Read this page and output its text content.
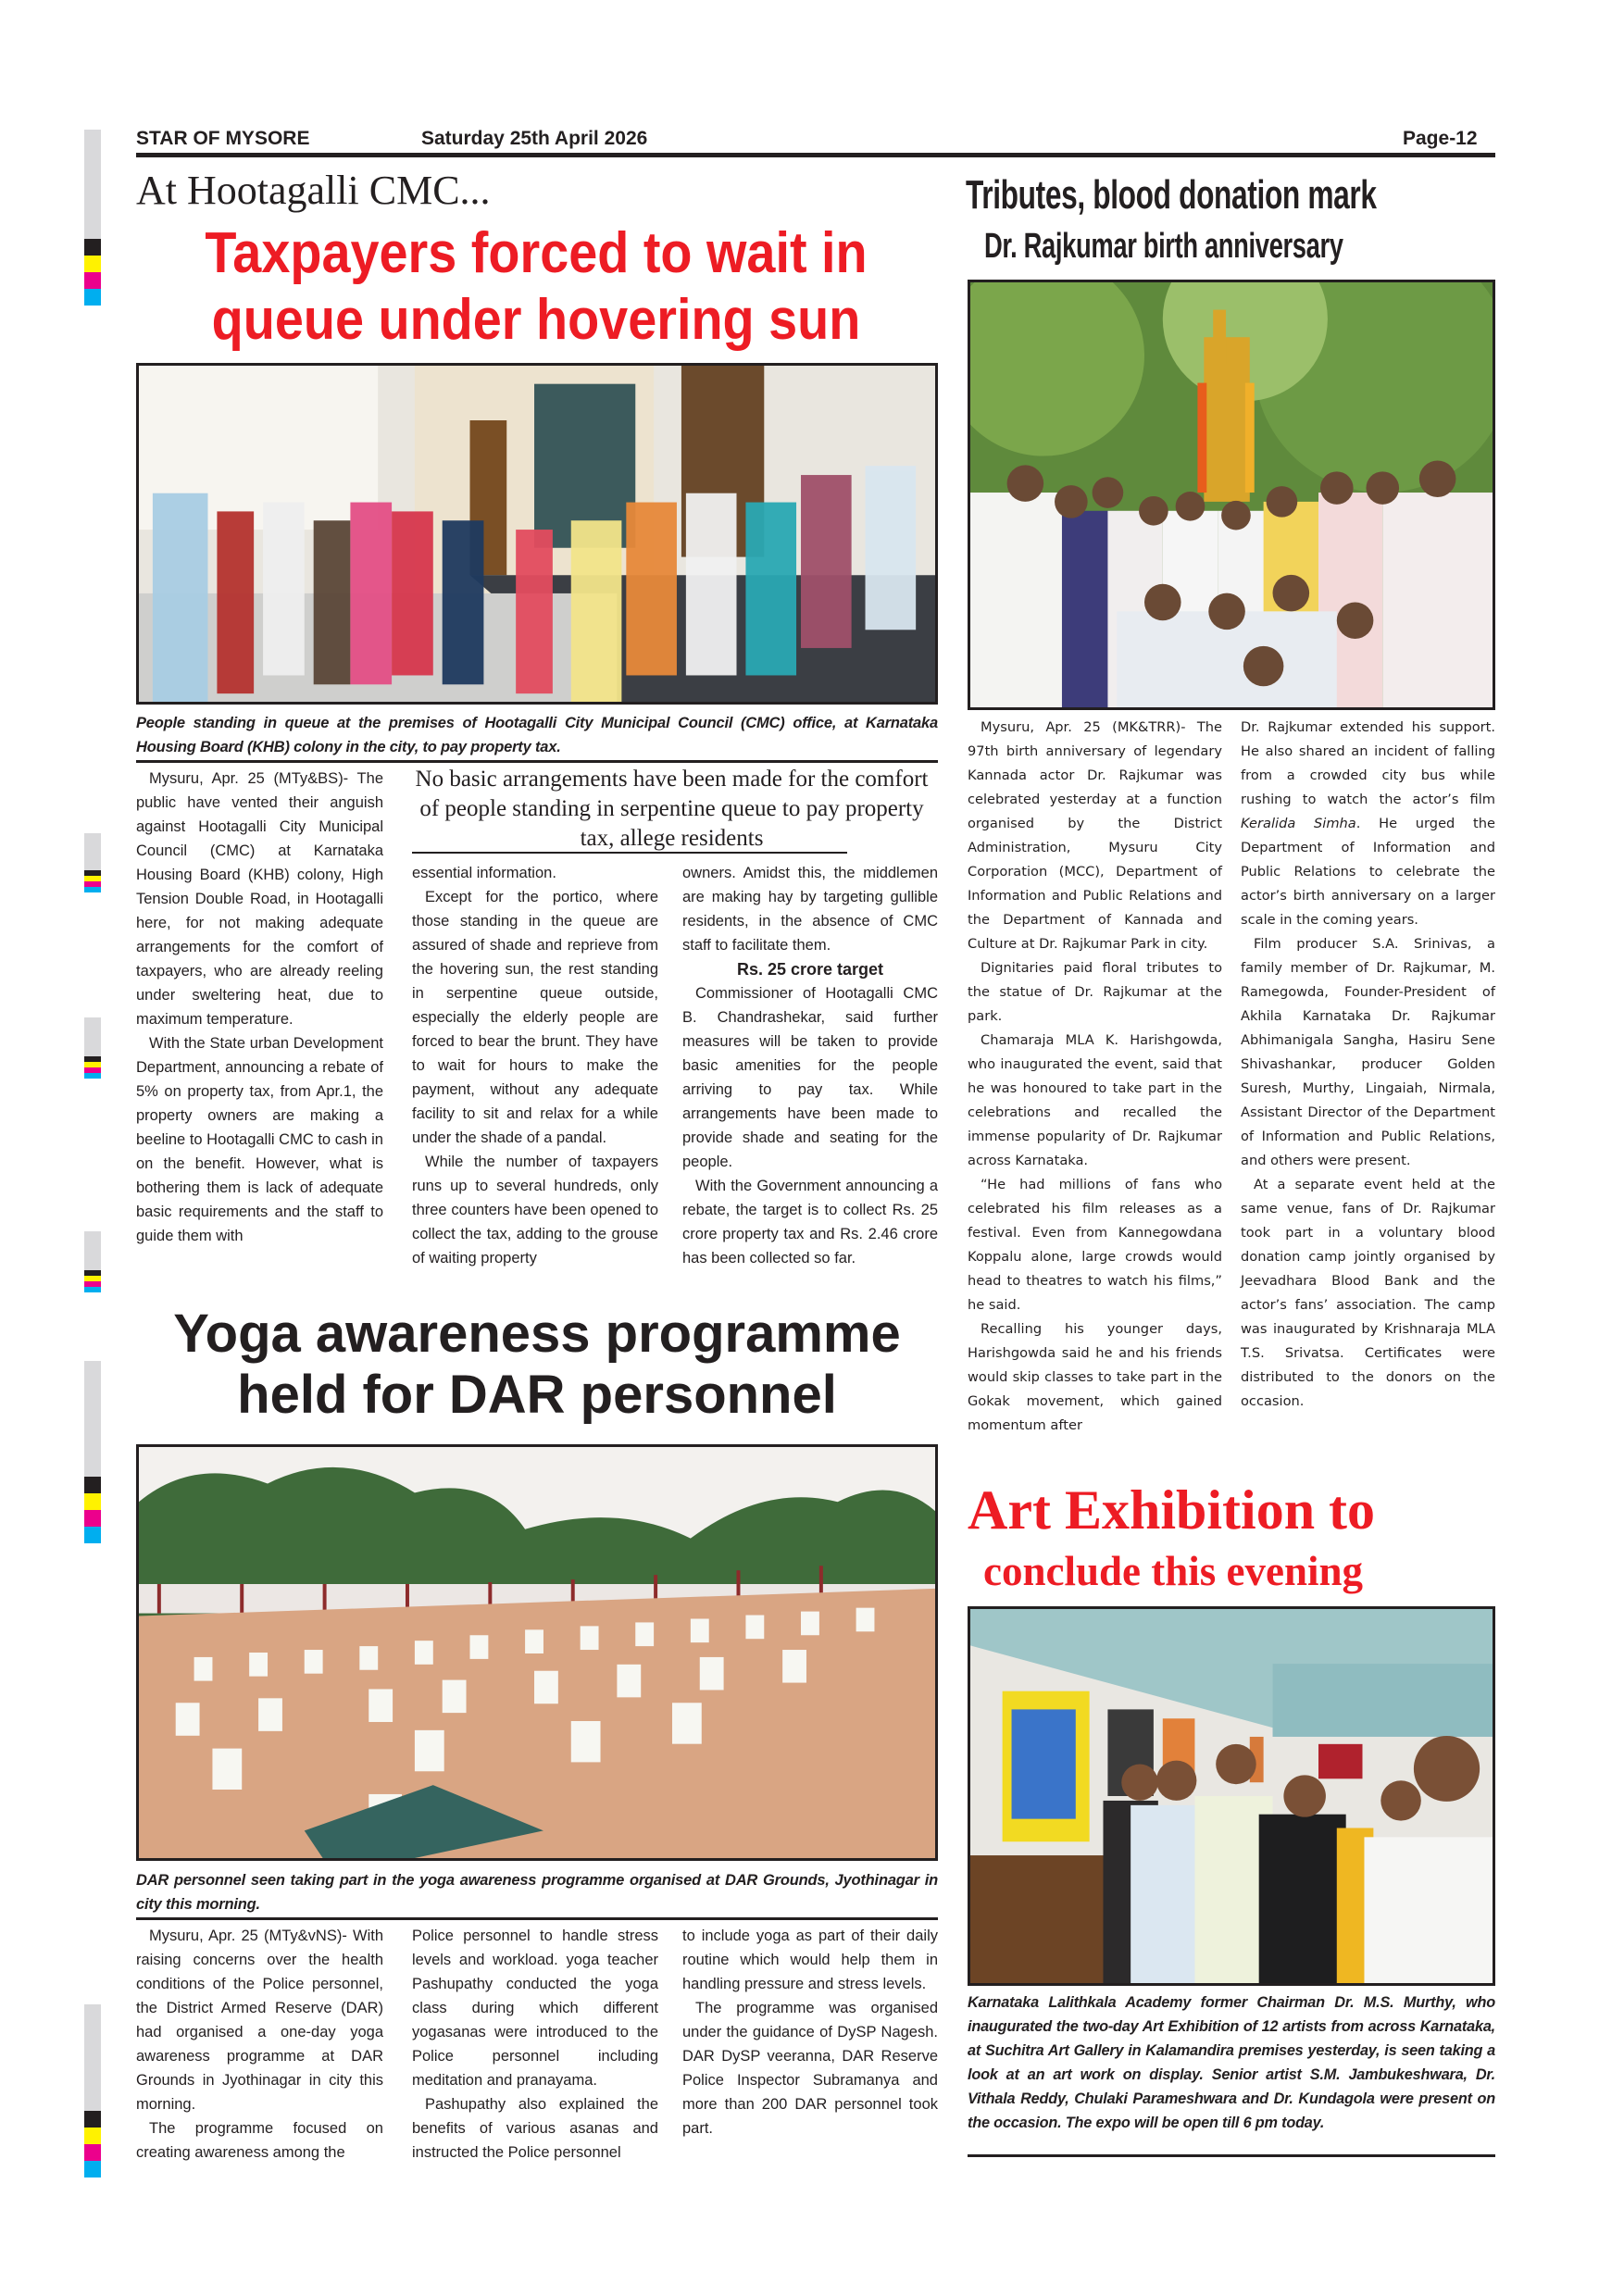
STAR OF MYSORE	Saturday 25th April 2026	Page-12
At Hootagalli CMC...
Taxpayers forced to wait in
queue under hovering sun
People standing in queue at the premises of Hootagalli City Municipal Council (CMC) office, at Karnataka Housing Board (KHB) colony in the city, to pay property tax.

Mysuru, Apr. 25 (MTy&BS)- The public have vented their anguish against Hootagalli City Municipal Council (CMC) at Karnataka Housing Board (KHB) colony, High Tension Double Road, in Hootagalli here, for not making adequate arrangements for the comfort of taxpayers, who are already reeling under sweltering heat, due to maximum temperature.

With the State urban Development Department, announcing a rebate of 5% on property tax, from Apr.1, the property owners are making a beeline to Hootagalli CMC to cash in on the benefit. However, what is bothering them is lack of adequate basic requirements and the staff to guide them with

No basic arrangements have been made for the comfort of people standing in serpentine queue to pay property tax, allege residents

essential information.

Except for the portico, where those standing in the queue are assured of shade and reprieve from the hovering sun, the rest standing in serpentine queue outside, especially the elderly people are forced to bear the brunt. They have to wait for hours to make the payment, without any adequate facility to sit and relax for a while under the shade of a pandal.

While the number of taxpayers runs up to several hundreds, only three counters have been opened to collect the tax, adding to the grouse of waiting property

owners. Amidst this, the middlemen are making hay by targeting gullible residents, in the absence of CMC staff to facilitate them.

Rs. 25 crore target

Commissioner of Hootagalli CMC B. Chandrashekar, said further measures will be taken to provide basic amenities for the people arriving to pay tax. While arrangements have been made to provide shade and seating for the people.

With the Government announcing a rebate, the target is to collect Rs. 25 crore property tax and Rs. 2.46 crore has been collected so far.

Yoga awareness programme
held for DAR personnel
DAR personnel seen taking part in the yoga awareness programme organised at DAR Grounds, Jyothinagar in city this morning.

Mysuru, Apr. 25 (MTy&vNS)- With raising concerns over the health conditions of the Police personnel, the District Armed Reserve (DAR) had organised a one-day yoga awareness programme at DAR Grounds in Jyothinagar in city this morning.

The programme focused on creating awareness among the

Police personnel to handle stress levels and workload. yoga teacher Pashupathy conducted the yoga class during which different yogasanas were introduced to the Police personnel including meditation and pranayama.

Pashupathy also explained the benefits of various asanas and instructed the Police personnel

to include yoga as part of their daily routine which would help them in handling pressure and stress levels.

The programme was organised under the guidance of DySP Nagesh. DAR DySP veeranna, DAR Reserve Police Inspector Subramanya and more than 200 DAR personnel took part.

Tributes, blood donation mark
Dr. Rajkumar birth anniversary

Mysuru, Apr. 25 (MK&TRR)- The 97th birth anniversary of legendary Kannada actor Dr. Rajkumar was celebrated yesterday at a function organised by the District Administration, Mysuru City Corporation (MCC), Department of Information and Public Relations and the Department of Kannada and Culture at Dr. Rajkumar Park in city.

Dignitaries paid floral tributes to the statue of Dr. Rajkumar at the park.

Chamaraja MLA K. Harishgowda, who inaugurated the event, said that he was honoured to take part in the celebrations and recalled the immense popularity of Dr. Rajkumar across Karnataka.

“He had millions of fans who celebrated his film releases as a festival. Even from Kannegowdana Koppalu alone, large crowds would head to theatres to watch his films,” he said.

Recalling his younger days, Harishgowda said he and his friends would skip classes to take part in the Gokak movement, which gained momentum after

Dr. Rajkumar extended his support. He also shared an incident of falling from a crowded city bus while rushing to watch the actor’s film Keralida Simha. He urged the Department of Information and Public Relations to celebrate the actor’s birth anniversary on a larger scale in the coming years.

Film producer S.A. Srinivas, a family member of Dr. Rajkumar, M. Ramegowda, Founder-President of Akhila Karnataka Dr. Rajkumar Abhimanigala Sangha, Hasiru Sene Shivashankar, producer Golden Suresh, Murthy, Lingaiah, Nirmala, Assistant Director of the Department of Information and Public Relations, and others were present.

At a separate event held at the same venue, fans of Dr. Rajkumar took part in a voluntary blood donation camp jointly organised by Jeevadhara Blood Bank and the actor’s fans’ association. The camp was inaugurated by Krishnaraja MLA T.S. Srivatsa. Certificates were distributed to the donors on the occasion.

Art Exhibition to
conclude this evening
Karnataka Lalithkala Academy former Chairman Dr. M.S. Murthy, who inaugurated the two-day Art Exhibition of 12 artists from across Karnataka, at Suchitra Art Gallery in Kalamandira premises yesterday, is seen taking a look at an art work on display. Senior artist S.M. Jambukeshwara, Dr. Vithala Reddy, Chulaki Parameshwara and Dr. Kundagola were present on the occasion. The expo will be open till 6 pm today.
